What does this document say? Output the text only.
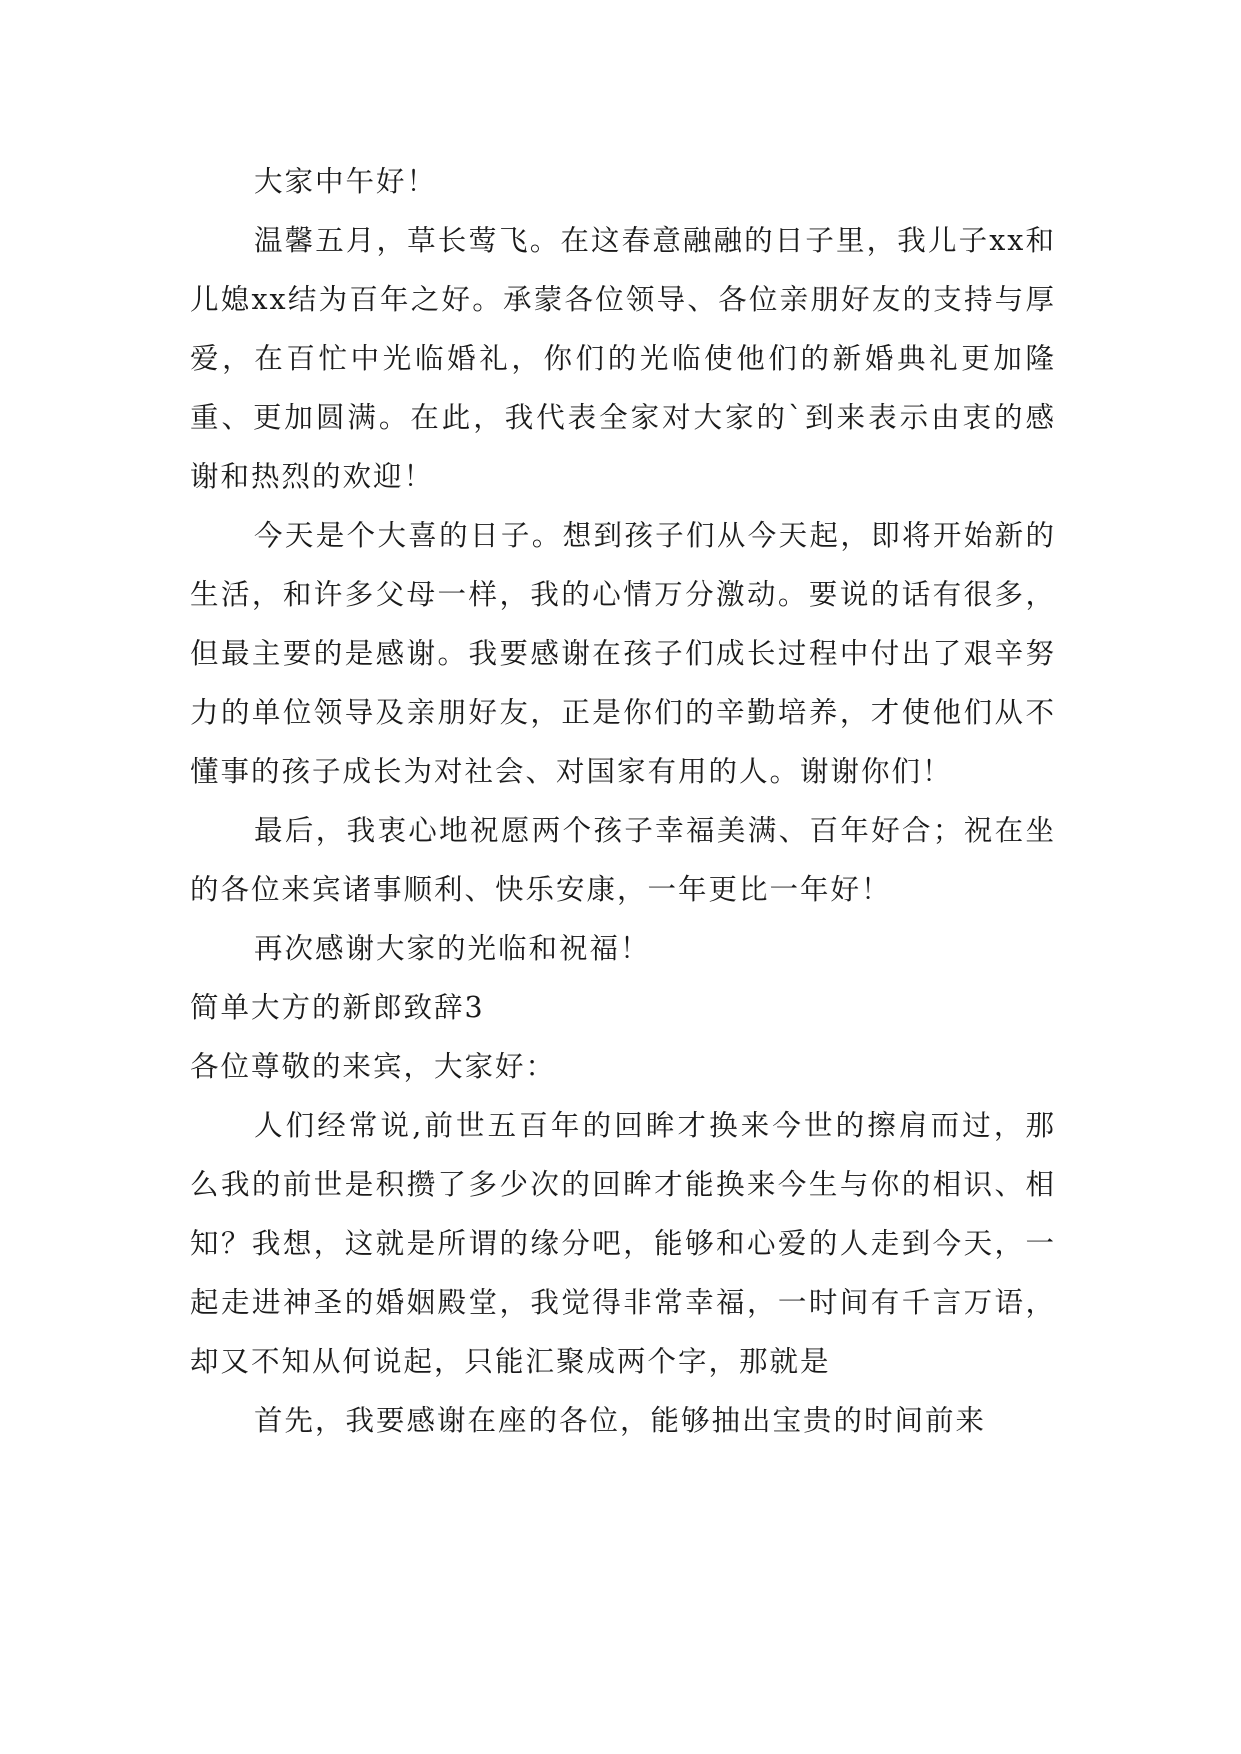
大家中午好！

温馨五月，草长莺飞。在这春意融融的日子里，我儿子xx和儿媳xx结为百年之好。承蒙各位领导、各位亲朋好友的支持与厚爱，在百忙中光临婚礼，你们的光临使他们的新婚典礼更加隆重、更加圆满。在此，我代表全家对大家的`到来表示由衷的感谢和热烈的欢迎！

今天是个大喜的日子。想到孩子们从今天起，即将开始新的生活，和许多父母一样，我的心情万分激动。要说的话有很多，但最主要的是感谢。我要感谢在孩子们成长过程中付出了艰辛努力的单位领导及亲朋好友，正是你们的辛勤培养，才使他们从不懂事的孩子成长为对社会、对国家有用的人。谢谢你们！

最后，我衷心地祝愿两个孩子幸福美满、百年好合；祝在坐的各位来宾诸事顺利、快乐安康，一年更比一年好！

再次感谢大家的光临和祝福！

简单大方的新郎致辞3

各位尊敬的来宾，大家好：

人们经常说,前世五百年的回眸才换来今世的擦肩而过，那么我的前世是积攒了多少次的回眸才能换来今生与你的相识、相知？我想，这就是所谓的缘分吧，能够和心爱的人走到今天，一起走进神圣的婚姻殿堂，我觉得非常幸福，一时间有千言万语，却又不知从何说起，只能汇聚成两个字，那就是

首先，我要感谢在座的各位，能够抽出宝贵的时间前来
